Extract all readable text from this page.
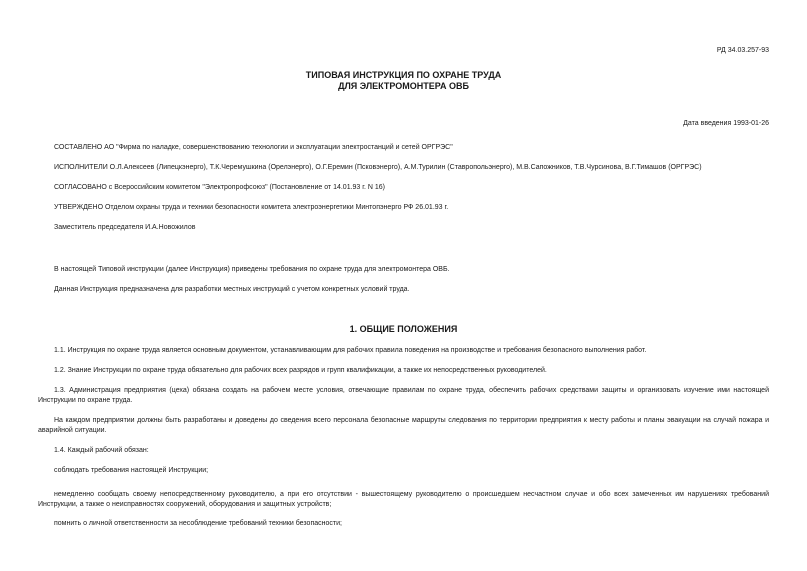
РД 34.03.257-93
ТИПОВАЯ ИНСТРУКЦИЯ ПО ОХРАНЕ ТРУДА
ДЛЯ ЭЛЕКТРОМОНТЕРА ОВБ
Дата введения 1993-01-26
СОСТАВЛЕНО АО "Фирма по наладке, совершенствованию технологии и эксплуатации электростанций и сетей ОРГРЭС"
ИСПОЛНИТЕЛИ О.Л.Алексеев (Липецкэнерго), Т.К.Черемушкина (Орелэнерго), О.Г.Еремин (Псковэнерго), А.М.Турилин (Ставропольэнерго), М.В.Сапожников, Т.В.Чурсинова, В.Г.Тимашов (ОРГРЭС)
СОГЛАСОВАНО с Всероссийским комитетом "Электропрофсоюз" (Постановление от 14.01.93 г. N 16)
УТВЕРЖДЕНО Отделом охраны труда и техники безопасности комитета электроэнергетики Минтопэнерго РФ 26.01.93 г.
Заместитель председателя И.А.Новожилов
В настоящей Типовой инструкции (далее Инструкция) приведены требования по охране труда для электромонтера ОВБ.
Данная Инструкция предназначена для разработки местных инструкций с учетом конкретных условий труда.
1. ОБЩИЕ ПОЛОЖЕНИЯ
1.1. Инструкция по охране труда является основным документом, устанавливающим для рабочих правила поведения на производстве и требования безопасного выполнения работ.
1.2. Знание Инструкции по охране труда обязательно для рабочих всех разрядов и групп квалификации, а также их непосредственных руководителей.
1.3. Администрация предприятия (цеха) обязана создать на рабочем месте условия, отвечающие правилам по охране труда, обеспечить рабочих средствами защиты и организовать изучение ими настоящей Инструкции по охране труда.
На каждом предприятии должны быть разработаны и доведены до сведения всего персонала безопасные маршруты следования по территории предприятия к месту работы и планы эвакуации на случай пожара и аварийной ситуации.
1.4. Каждый рабочий обязан:
соблюдать требования настоящей Инструкции;
немедленно сообщать своему непосредственному руководителю, а при его отсутствии - вышестоящему руководителю о происшедшем несчастном случае и обо всех замеченных им нарушениях требований Инструкции, а также о неисправностях сооружений, оборудования и защитных устройств;
помнить о личной ответственности за несоблюдение требований техники безопасности;
